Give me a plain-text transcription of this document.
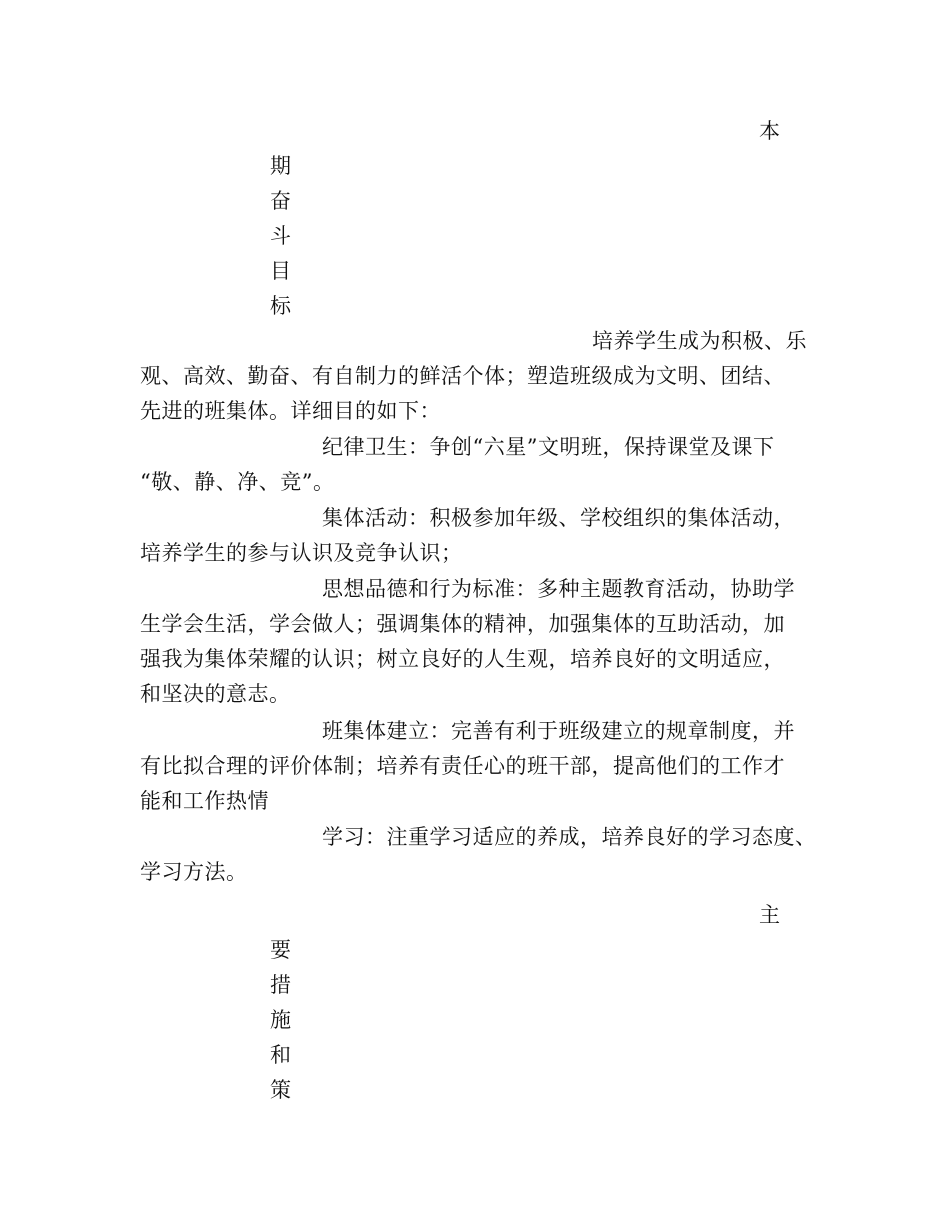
本
期
奋
斗
目
标
培养学生成为积极、乐
观、高效、勤奋、有自制力的鲜活个体；塑造班级成为文明、团结、
先进的班集体。详细目的如下：
纪律卫生：争创“六星”文明班，保持课堂及课下
“敬、静、净、竞”。
集体活动：积极参加年级、学校组织的集体活动，
培养学生的参与认识及竞争认识；
思想品德和行为标准：多种主题教育活动，协助学
生学会生活，学会做人；强调集体的精神，加强集体的互助活动，加
强我为集体荣耀的认识；树立良好的人生观，培养良好的文明适应，
和坚决的意志。
班集体建立：完善有利于班级建立的规章制度，并
有比拟合理的评价体制；培养有责任心的班干部，提高他们的工作才
能和工作热情
学习：注重学习适应的养成，培养良好的学习态度、
学习方法。
主
要
措
施
和
策
